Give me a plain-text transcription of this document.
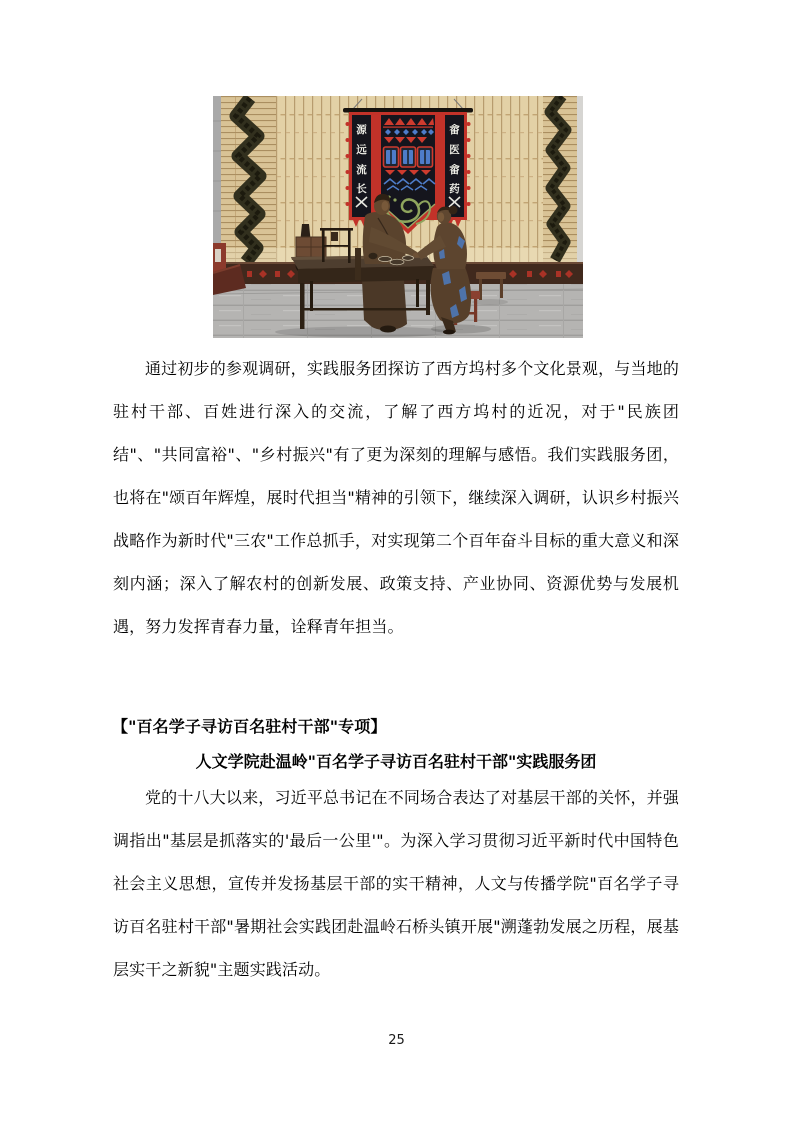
源
远
流
长
畲
医
畲
药

通过初步的参观调研，实践服务团探访了西方坞村多个文化景观，与当地的驻村干部、百姓进行深入的交流，了解了西方坞村的近况，对于"民族团结"、"共同富裕"、"乡村振兴"有了更为深刻的理解与感悟。我们实践服务团，也将在"颂百年辉煌，展时代担当"精神的引领下，继续深入调研，认识乡村振兴战略作为新时代"三农"工作总抓手，对实现第二个百年奋斗目标的重大意义和深刻内涵；深入了解农村的创新发展、政策支持、产业协同、资源优势与发展机遇，努力发挥青春力量，诠释青年担当。

【"百名学子寻访百名驻村干部"专项】
人文学院赴温岭"百名学子寻访百名驻村干部"实践服务团

党的十八大以来，习近平总书记在不同场合表达了对基层干部的关怀，并强调指出"基层是抓落实的'最后一公里'"。为深入学习贯彻习近平新时代中国特色社会主义思想，宣传并发扬基层干部的实干精神，人文与传播学院"百名学子寻访百名驻村干部"暑期社会实践团赴温岭石桥头镇开展"溯蓬勃发展之历程，展基层实干之新貌"主题实践活动。

25
